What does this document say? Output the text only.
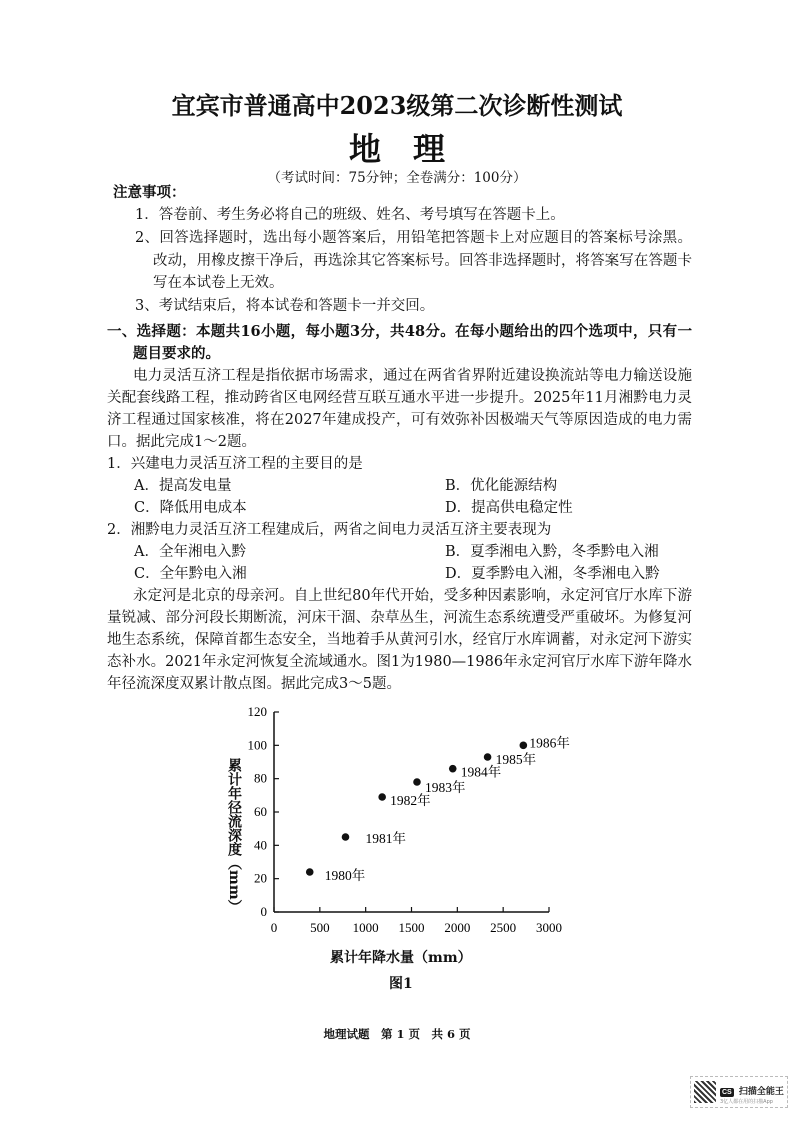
宜宾市普通高中2023级第二次诊断性测试
地　理
（考试时间：75分钟；全卷满分：100分）
注意事项：
1．答卷前、考生务必将自己的班级、姓名、考号填写在答题卡上。
2、回答选择题时，选出每小题答案后，用铅笔把答题卡上对应题目的答案标号涂黑。
改动，用橡皮擦干净后，再选涂其它答案标号。回答非选择题时，将答案写在答题卡
写在本试卷上无效。
3、考试结束后，将本试卷和答题卡一并交回。
一、选择题：本题共16小题，每小题3分，共48分。在每小题给出的四个选项中，只有一
题目要求的。
电力灵活互济工程是指依据市场需求，通过在两省省界附近建设换流站等电力输送设施
关配套线路工程，推动跨省区电网经营互联互通水平进一步提升。2025年11月湘黔电力灵
济工程通过国家核准，将在2027年建成投产，可有效弥补因极端天气等原因造成的电力需
口。据此完成1～2题。
1．兴建电力灵活互济工程的主要目的是
A．提高发电量	B．优化能源结构
C．降低用电成本	D．提高供电稳定性
2．湘黔电力灵活互济工程建成后，两省之间电力灵活互济主要表现为
A．全年湘电入黔	B．夏季湘电入黔，冬季黔电入湘
C．全年黔电入湘	D．夏季黔电入湘，冬季湘电入黔
永定河是北京的母亲河。自上世纪80年代开始，受多种因素影响，永定河官厅水库下游
量锐减、部分河段长期断流，河床干涸、杂草丛生，河流生态系统遭受严重破坏。为修复河
地生态系统，保障首都生态安全，当地着手从黄河引水，经官厅水库调蓄，对永定河下游实
态补水。2021年永定河恢复全流域通水。图1为1980—1986年永定河官厅水库下游年降水
年径流深度双累计散点图。据此完成3～5题。
0	500 1000 1500 2000 2500 3000
0
20
40
60
80
100
120
1980年
1981年
1982年
1983年
1984年
1985年
1986年
累计年径流深度（mm）
累计年降水量（mm）
图1
地理试题　第 1 页　共 6 页
CS 扫描全能王
3亿人都在用的扫描App
